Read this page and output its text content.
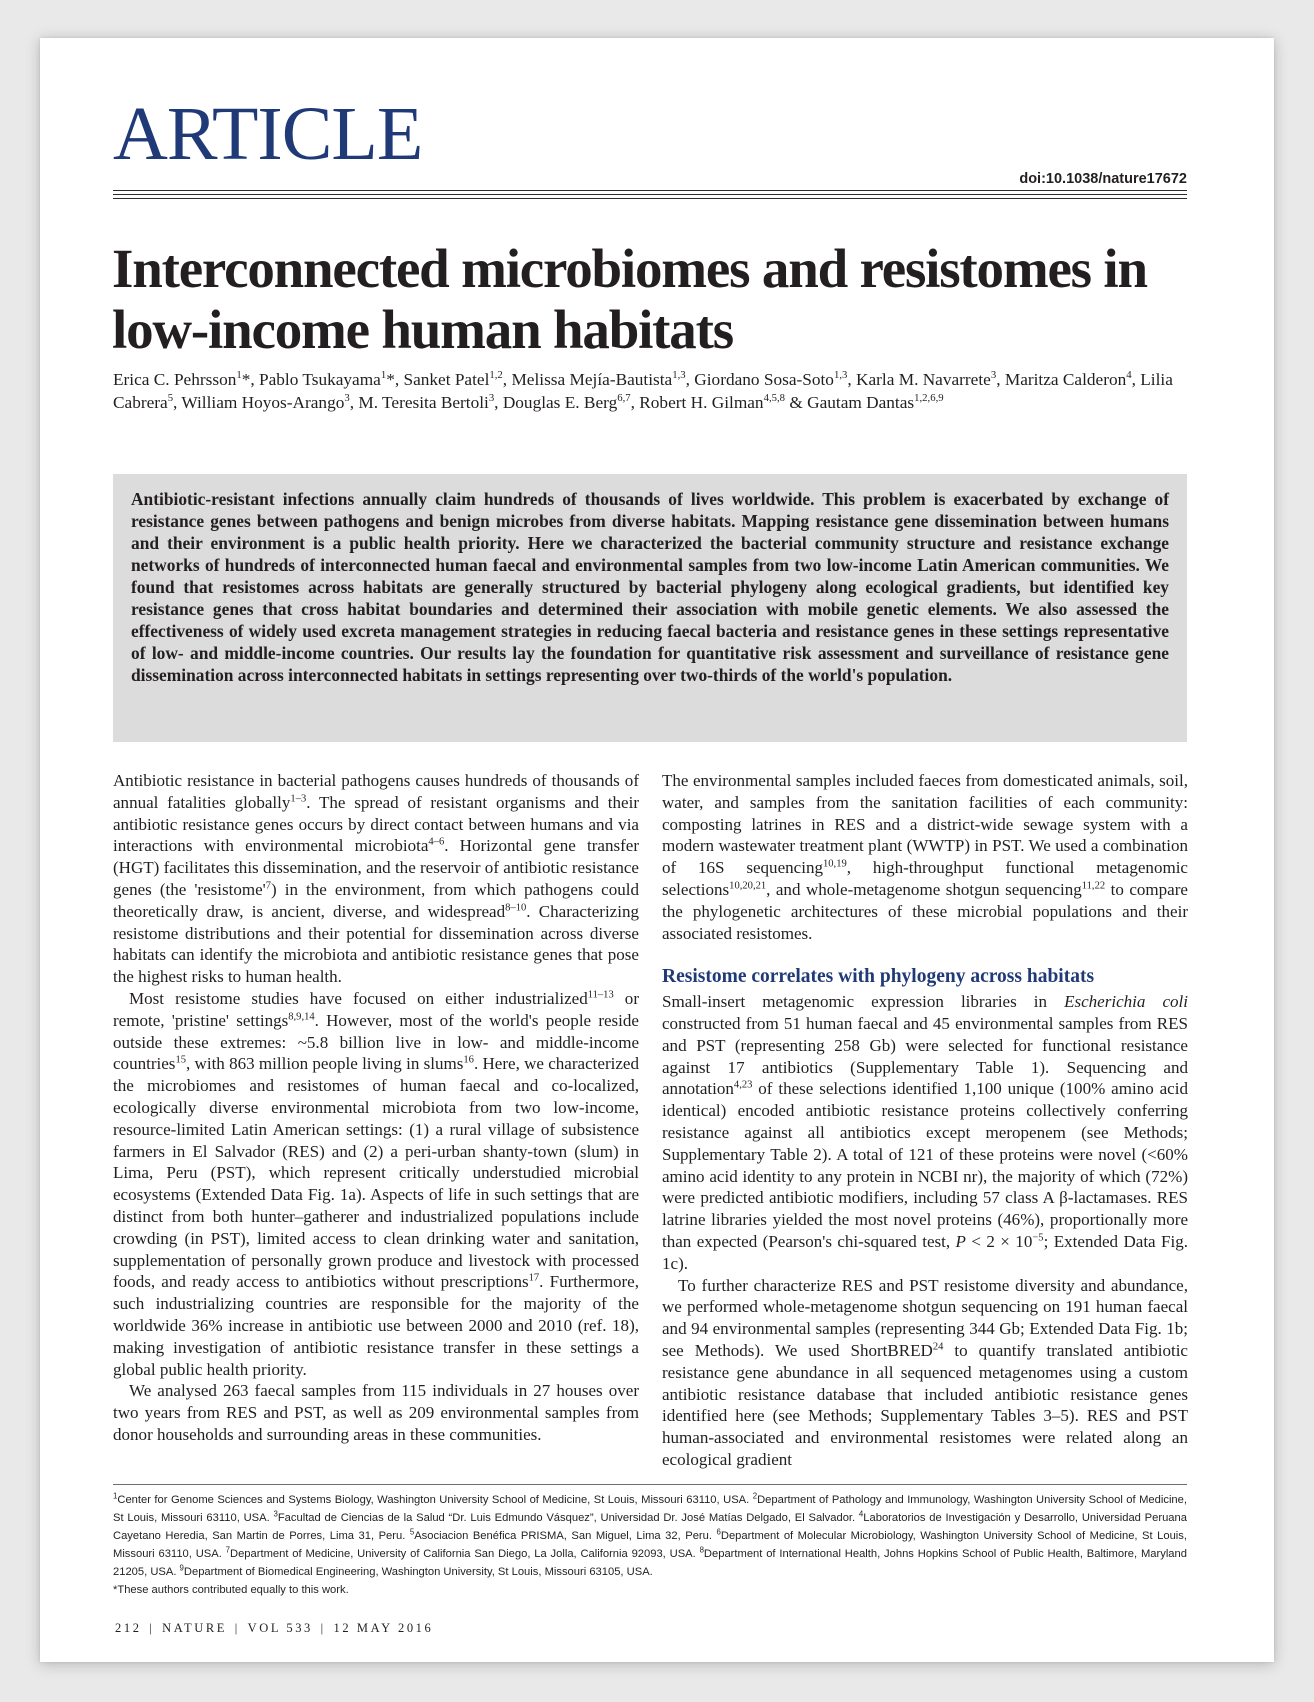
ARTICLE
doi:10.1038/nature17672
Interconnected microbiomes and resistomes in low-income human habitats
Erica C. Pehrsson$^1$*, Pablo Tsukayama$^1$*, Sanket Patel$^{1,2}$, Melissa Mejía-Bautista$^{1,3}$, Giordano Sosa-Soto$^{1,3}$, Karla M. Navarrete$^3$, Maritza Calderon$^4$, Lilia Cabrera$^5$, William Hoyos-Arango$^3$, M. Teresita Bertoli$^3$, Douglas E. Berg$^{6,7}$, Robert H. Gilman$^{4,5,8}$ & Gautam Dantas$^{1,2,6,9}$
Antibiotic-resistant infections annually claim hundreds of thousands of lives worldwide. This problem is exacerbated by exchange of resistance genes between pathogens and benign microbes from diverse habitats. Mapping resistance gene dissemination between humans and their environment is a public health priority. Here we characterized the bacterial community structure and resistance exchange networks of hundreds of interconnected human faecal and environmental samples from two low-income Latin American communities. We found that resistomes across habitats are generally structured by bacterial phylogeny along ecological gradients, but identified key resistance genes that cross habitat boundaries and determined their association with mobile genetic elements. We also assessed the effectiveness of widely used excreta management strategies in reducing faecal bacteria and resistance genes in these settings representative of low- and middle-income countries. Our results lay the foundation for quantitative risk assessment and surveillance of resistance gene dissemination across interconnected habitats in settings representing over two-thirds of the world's population.

Antibiotic resistance in bacterial pathogens causes hundreds of thousands of annual fatalities globally$^{1-3}$. The spread of resistant organisms and their antibiotic resistance genes occurs by direct contact between humans and via interactions with environmental microbiota$^{4-6}$. Horizontal gene transfer (HGT) facilitates this dissemination, and the reservoir of antibiotic resistance genes (the '$resistome'^7$) in the environment, from which pathogens could theoretically draw, is ancient, diverse, and widespread$^{8-10}$. Characterizing resistome distributions and their potential for dissemination across diverse habitats can identify the microbiota and antibiotic resistance genes that pose the highest risks to human health.

Most resistome studies have focused on either industrialized$^{11-13}$ or remote, 'pristine' settings$^{8,9,14}$. However, most of the world's people reside outside these extremes: ~5.8 billion live in low- and middle-income countries$^{15}$, with 863 million people living in slums$^{16}$. Here, we characterized the microbiomes and resistomes of human faecal and co-localized, ecologically diverse environmental microbiota from two low-income, resource-limited Latin American settings: (1) a rural village of subsistence farmers in El Salvador (RES) and (2) a peri-urban shanty-town (slum) in Lima, Peru (PST), which represent critically understudied microbial ecosystems (Extended Data Fig. 1a). Aspects of life in such settings that are distinct from both hunter–gatherer and industrialized populations include crowding (in PST), limited access to clean drinking water and sanitation, supplementation of personally grown produce and livestock with processed foods, and ready access to antibiotics without prescriptions$^{17}$. Furthermore, such industrializing countries are responsible for the majority of the worldwide 36% increase in antibiotic use between 2000 and 2010 (ref. 18), making investigation of antibiotic resistance transfer in these settings a global public health priority.

We analysed 263 faecal samples from 115 individuals in 27 houses over two years from RES and PST, as well as 209 environmental samples from donor households and surrounding areas in these communities.

The environmental samples included faeces from domesticated animals, soil, water, and samples from the sanitation facilities of each community: composting latrines in RES and a district-wide sewage system with a modern wastewater treatment plant (WWTP) in PST. We used a combination of 16S sequencing$^{10,19}$, high-throughput functional metagenomic selections$^{10,20,21}$, and whole-metagenome shotgun sequencing$^{11,22}$ to compare the phylogenetic architectures of these microbial populations and their associated resistomes.

Resistome correlates with phylogeny across habitats

Small-insert metagenomic expression libraries in Escherichia coli constructed from 51 human faecal and 45 environmental samples from RES and PST (representing 258 Gb) were selected for functional resistance against 17 antibiotics (Supplementary Table 1). Sequencing and annotation$^{4,23}$ of these selections identified 1,100 unique (100% amino acid identical) encoded antibiotic resistance proteins collectively conferring resistance against all antibiotics except meropenem (see Methods; Supplementary Table 2). A total of 121 of these proteins were novel (<60% amino acid identity to any protein in NCBI nr), the majority of which (72%) were predicted antibiotic modifiers, including 57 class A β-lactamases. RES latrine libraries yielded the most novel proteins (46%), proportionally more than expected (Pearson's chi-squared test, $P < 2 \times 10^{-5}$; Extended Data Fig. 1c).

To further characterize RES and PST resistome diversity and abundance, we performed whole-metagenome shotgun sequencing on 191 human faecal and 94 environmental samples (representing 344 Gb; Extended Data Fig. 1b; see Methods). We used ShortBRED$^{24}$ to quantify translated antibiotic resistance gene abundance in all sequenced metagenomes using a custom antibiotic resistance database that included antibiotic resistance genes identified here (see Methods; Supplementary Tables 3–5). RES and PST human-associated and environmental resistomes were related along an ecological gradient

$^1$Center for Genome Sciences and Systems Biology, Washington University School of Medicine, St Louis, Missouri 63110, USA. $^2$Department of Pathology and Immunology, Washington University School of Medicine, St Louis, Missouri 63110, USA. $^3$Facultad de Ciencias de la Salud “Dr. Luis Edmundo Vásquez”, Universidad Dr. José Matías Delgado, El Salvador. $^4$Laboratorios de Investigación y Desarrollo, Universidad Peruana Cayetano Heredia, San Martin de Porres, Lima 31, Peru. $^5$Asociacion Benéfica PRISMA, San Miguel, Lima 32, Peru. $^6$Department of Molecular Microbiology, Washington University School of Medicine, St Louis, Missouri 63110, USA. $^7$Department of Medicine, University of California San Diego, La Jolla, California 92093, USA. $^8$Department of International Health, Johns Hopkins School of Public Health, Baltimore, Maryland 21205, USA. $^9$Department of Biomedical Engineering, Washington University, St Louis, Missouri 63105, USA.
*These authors contributed equally to this work.
212 | NATURE | VOL 533 | 12 MAY 2016
